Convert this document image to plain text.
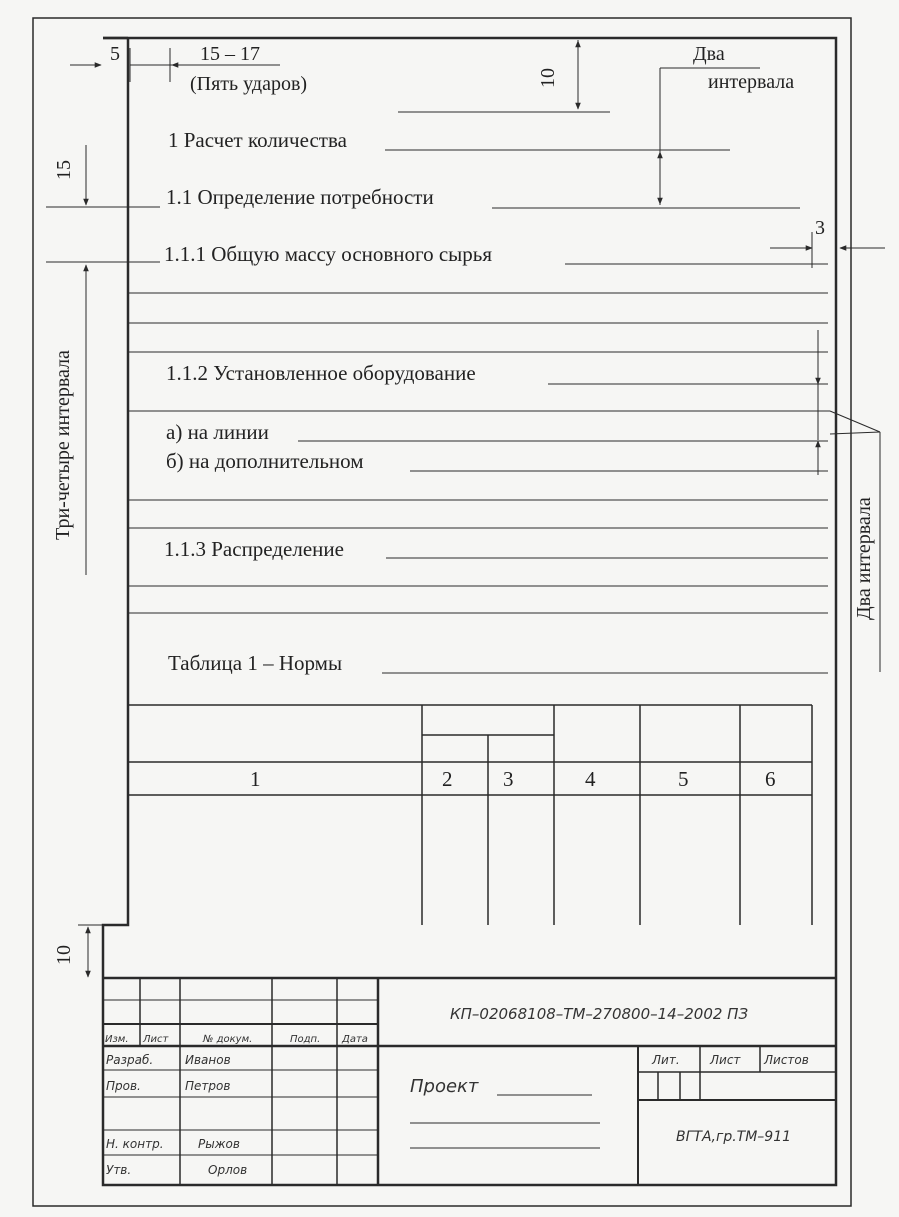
5	15 – 17
(Пять ударов)	10
Два
интервала
15
Три-четыре интервала
3
1 Расчет количества
1.1 Определение потребности
1.1.1 Общую массу основного сырья
1.1.2 Установленное оборудование
а) на линии
б) на дополнительном
1.1.3 Распределение
Таблица 1 – Нормы
Два интервала
1	2 3	4	5	6
10
КП–02068108–ТМ–270800–14–2002 ПЗ
Изм. Лист	№ докум.	Подп. Дата
Разраб.	Иванов
Пров.	Петров
Н. контр.	Рыжов
Утв.	Орлов
Проект
Лит.	Лист Листов
ВГТА,гр.ТМ–911
